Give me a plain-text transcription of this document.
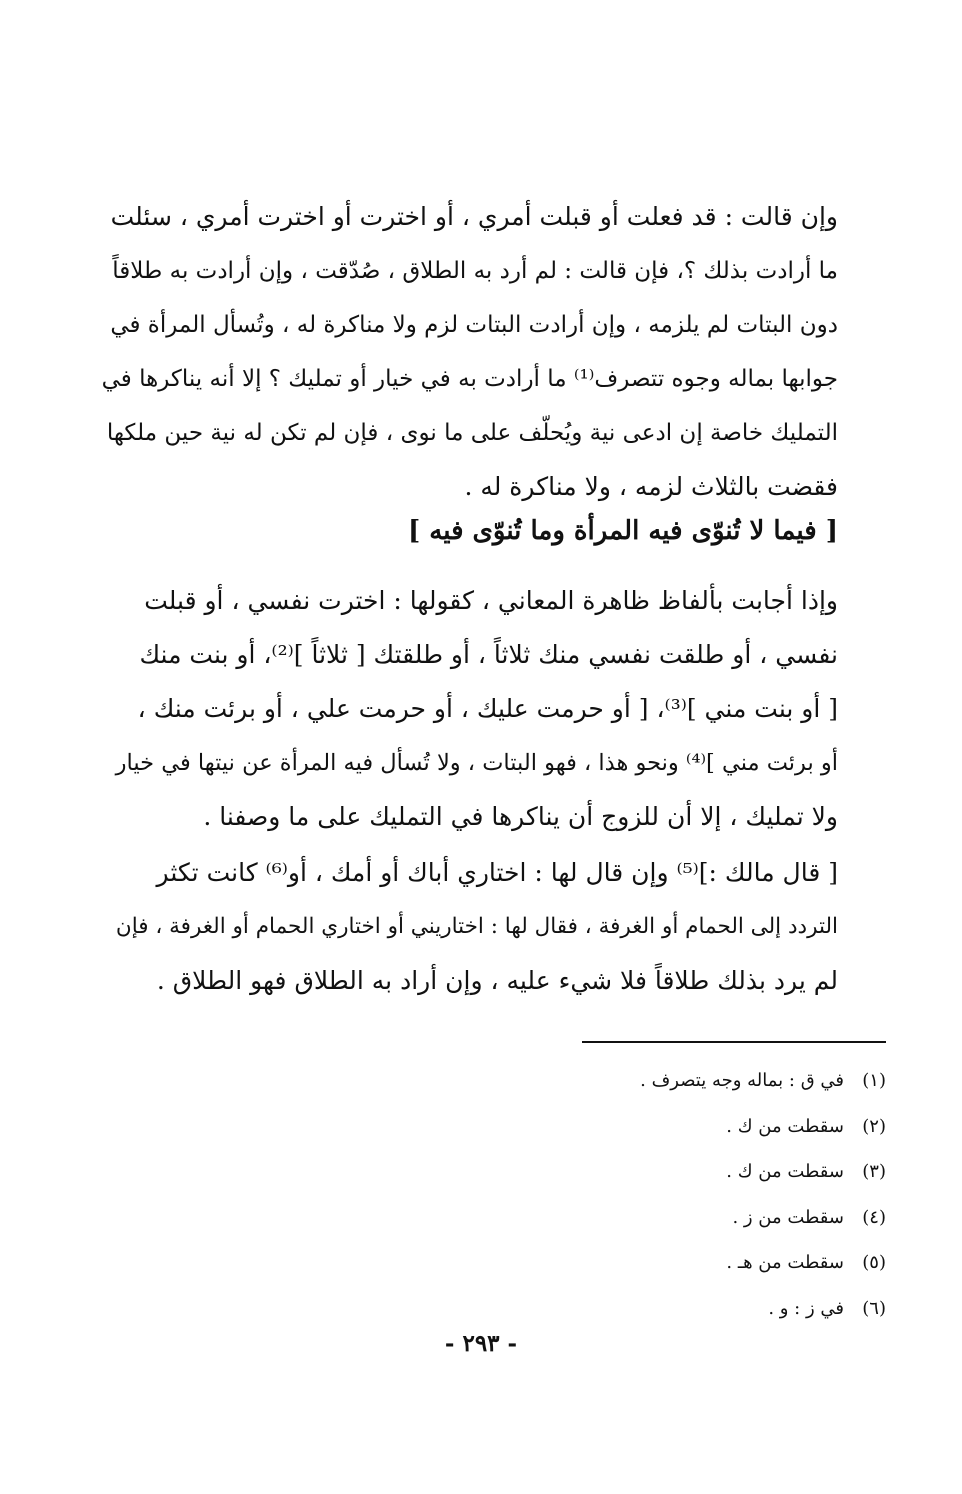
وإن قالت : قد فعلت أو قبلت أمري ، أو اخترت أو اخترت أمري ، سئلت
ما أرادت بذلك ؟، فإن قالت : لم أرد به الطلاق ، صُدّقت ، وإن أرادت به طلاقاً
دون البتات لم يلزمه ، وإن أرادت البتات لزم ولا مناكرة له ، وتُسأل المرأة في
جوابها بماله وجوه تتصرف⁽¹⁾ ما أرادت به في خيار أو تمليك ؟ إلا أنه يناكرها في
التمليك خاصة إن ادعى نية ويُحلّف على ما نوى ، فإن لم تكن له نية حين ملكها
فقضت بالثلاث لزمه ، ولا مناكرة له .
[ فيما لا تُنوّى فيه المرأة وما تُنوّى فيه ]
وإذا أجابت بألفاظ ظاهرة المعاني ، كقولها : اخترت نفسي ، أو قبلت
نفسي ، أو طلقت نفسي منك ثلاثاً ، أو طلقتك [ ثلاثاً ]⁽²⁾، أو بنت منك
[ أو بنت مني ]⁽³⁾، [ أو حرمت عليك ، أو حرمت علي ، أو برئت منك ،
أو برئت مني ]⁽⁴⁾ ونحو هذا ، فهو البتات ، ولا تُسأل فيه المرأة عن نيتها في خيار
ولا تمليك ، إلا أن للزوج أن يناكرها في التمليك على ما وصفنا .
[ قال مالك :]⁽⁵⁾ وإن قال لها : اختاري أباك أو أمك ، أو⁽⁶⁾ كانت تكثر
التردد إلى الحمام أو الغرفة ، فقال لها : اختاريني أو اختاري الحمام أو الغرفة ، فإن
لم يرد بذلك طلاقاً فلا شيء عليه ، وإن أراد به الطلاق فهو الطلاق .
(١)في ق : بماله وجه يتصرف .
(٢)سقطت من ك .
(٣)سقطت من ك .
(٤)سقطت من ز .
(٥)سقطت من هـ .
(٦)في ز : و .
- ٢٩٣ -
